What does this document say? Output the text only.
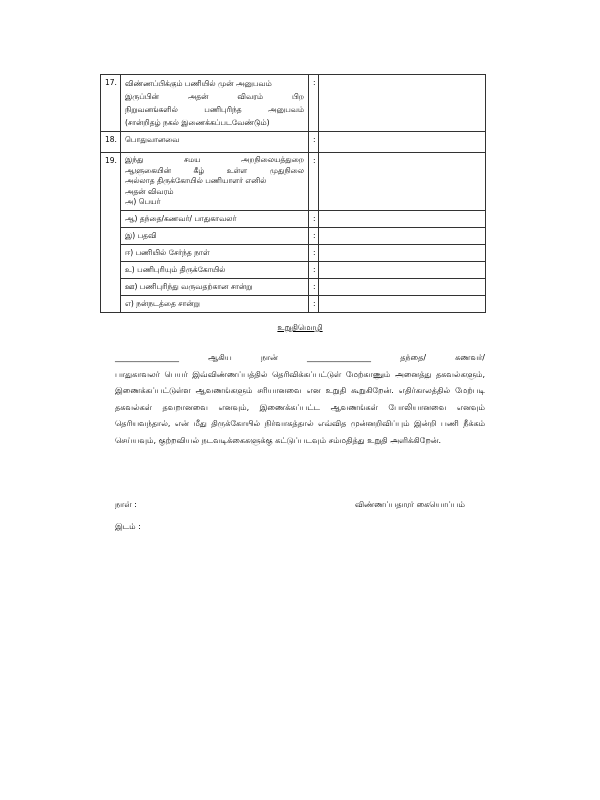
17.	விண்ணப்பிக்கும் பணியில் முன் அனுபவம்
இருப்பின் அதன் விவரம் பிற
நிறுவனங்களில் பணிபுரிந்த அனுபவம்
(சான்றிதழ் நகல் இணைக்கப்படவேண்டும்)	:	
18.	பொதுவானவை	:	
19.	இந்து சமய அறநிலையத்துறை
ஆளுகையின் கீழ் உள்ள முதுநிலை
அல்லாத திருக்கோயில் பணியாளர் எனில்
அதன் விவரம்
அ) பெயர்	:	
	ஆ) தந்தை/கணவர்/ பாதுகாவலர்	:	
	இ) பதவி	:	
	ஈ) பணியில் சேர்ந்த நாள்	:	
	உ) பணிபுரியும் திருக்கோயில்	:	
	ஊ) பணிபுரிந்து வருவதற்கான சான்று	:	
	எ) நன்நடத்தை சான்று	:	
உறுதிமொழி
________________ ஆகிய நான் ________________ தந்தை/ கணவர்/
பாதுகாவலர் பெயர் இவ்விண்ணப்பத்தில் தெரிவிக்கப்பட்டுள் மேற்காணும் அனைத்து தகவல்களும், இணைக்கப்பட்டுள்ள ஆவணங்களும் சரியானவை என உறுதி கூறுகிறேன். எதிர்காலத்தில் மேற்படி தகவல்கள் தவறானவை எனவும், இணைக்கப்பட்ட ஆவணங்கள் போலியானவை எனவும் தெரியவந்தால், என் மீது திருக்கோயில் நிர்வாகத்தால் எவ்வித முன்னறிவிப்பும் இன்றி பணி நீக்கம் செய்யவும், குற்றவியல் நடவடிக்கைகளுக்கு கட்டுப்படவும் சம்மதித்து உறுதி அளிக்கிறேன்.
நாள் :	விண்ணப்பதாரர் கையொப்பம்
இடம் :
